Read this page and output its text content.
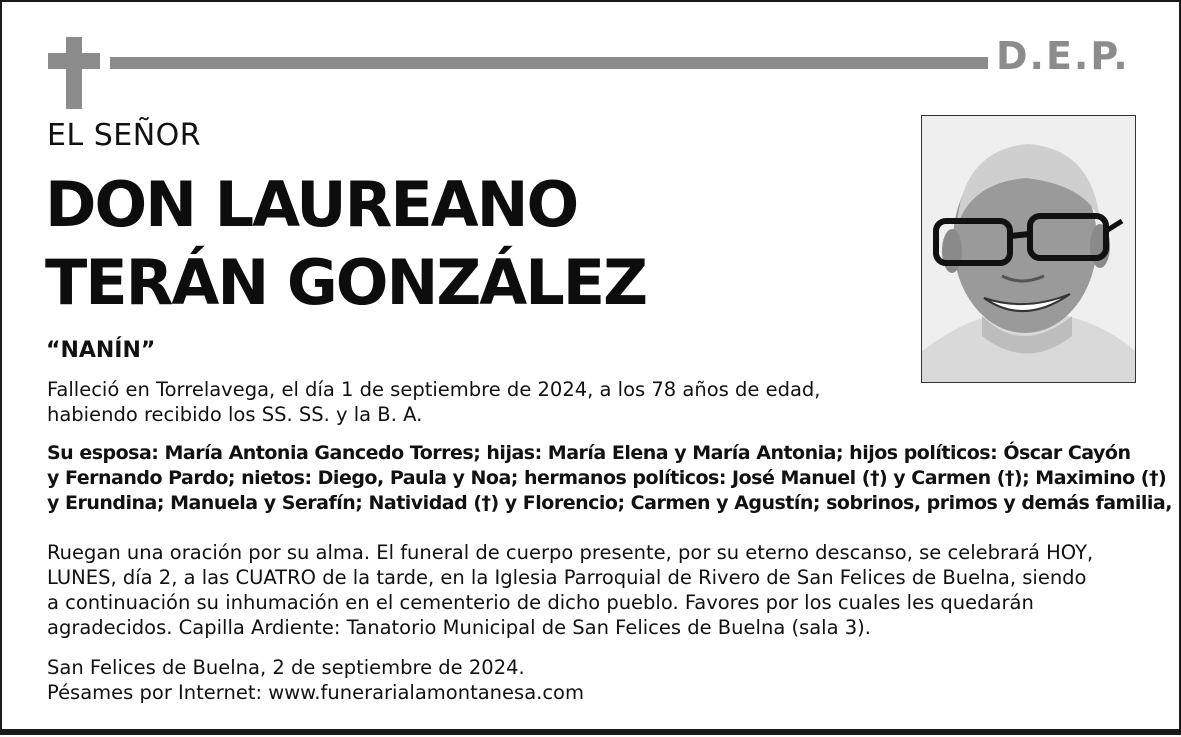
D.E.P.
EL SEÑOR
DON LAUREANO
TERÁN GONZÁLEZ
“NANÍN”
Falleció en Torrelavega, el día 1 de septiembre de 2024, a los 78 años de edad,
habiendo recibido los SS. SS. y la B. A.
Su esposa: María Antonia Gancedo Torres; hijas: María Elena y María Antonia; hijos políticos: Óscar Cayón
y Fernando Pardo; nietos: Diego, Paula y Noa; hermanos políticos: José Manuel (†) y Carmen (†); Maximino (†)
y Erundina; Manuela y Serafín; Natividad (†) y Florencio; Carmen y Agustín; sobrinos, primos y demás familia,
Ruegan una oración por su alma. El funeral de cuerpo presente, por su eterno descanso, se celebrará HOY,
LUNES, día 2, a las CUATRO de la tarde, en la Iglesia Parroquial de Rivero de San Felices de Buelna, siendo
a continuación su inhumación en el cementerio de dicho pueblo. Favores por los cuales les quedarán
agradecidos. Capilla Ardiente: Tanatorio Municipal de San Felices de Buelna (sala 3).
San Felices de Buelna, 2 de septiembre de 2024.
Pésames por Internet: www.funerarialamontanesa.com
